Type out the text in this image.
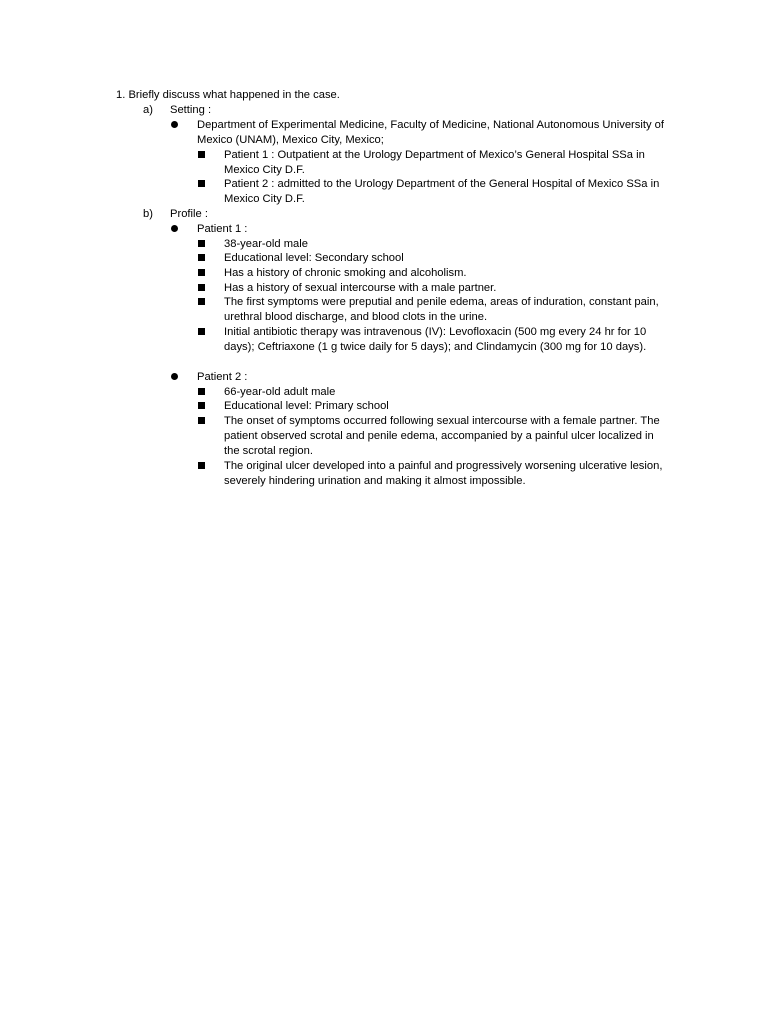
1. Briefly discuss what happened in the case.
a) Setting :
Department of Experimental Medicine, Faculty of Medicine, National Autonomous University of Mexico (UNAM), Mexico City, Mexico;
Patient 1 : Outpatient at the Urology Department of Mexico’s General Hospital SSa in Mexico City D.F.
Patient 2 : admitted to the Urology Department of the General Hospital of Mexico SSa in Mexico City D.F.
b) Profile :
Patient 1 :
38-year-old male
Educational level: Secondary school
Has a history of chronic smoking and alcoholism.
Has a history of sexual intercourse with a male partner.
The first symptoms were preputial and penile edema, areas of induration, constant pain, urethral blood discharge, and blood clots in the urine.
Initial antibiotic therapy was intravenous (IV): Levofloxacin (500 mg every 24 hr for 10 days); Ceftriaxone (1 g twice daily for 5 days); and Clindamycin (300 mg for 10 days).
Patient 2 :
66-year-old adult male
Educational level: Primary school
The onset of symptoms occurred following sexual intercourse with a female partner. The patient observed scrotal and penile edema, accompanied by a painful ulcer localized in the scrotal region.
The original ulcer developed into a painful and progressively worsening ulcerative lesion, severely hindering urination and making it almost impossible.
